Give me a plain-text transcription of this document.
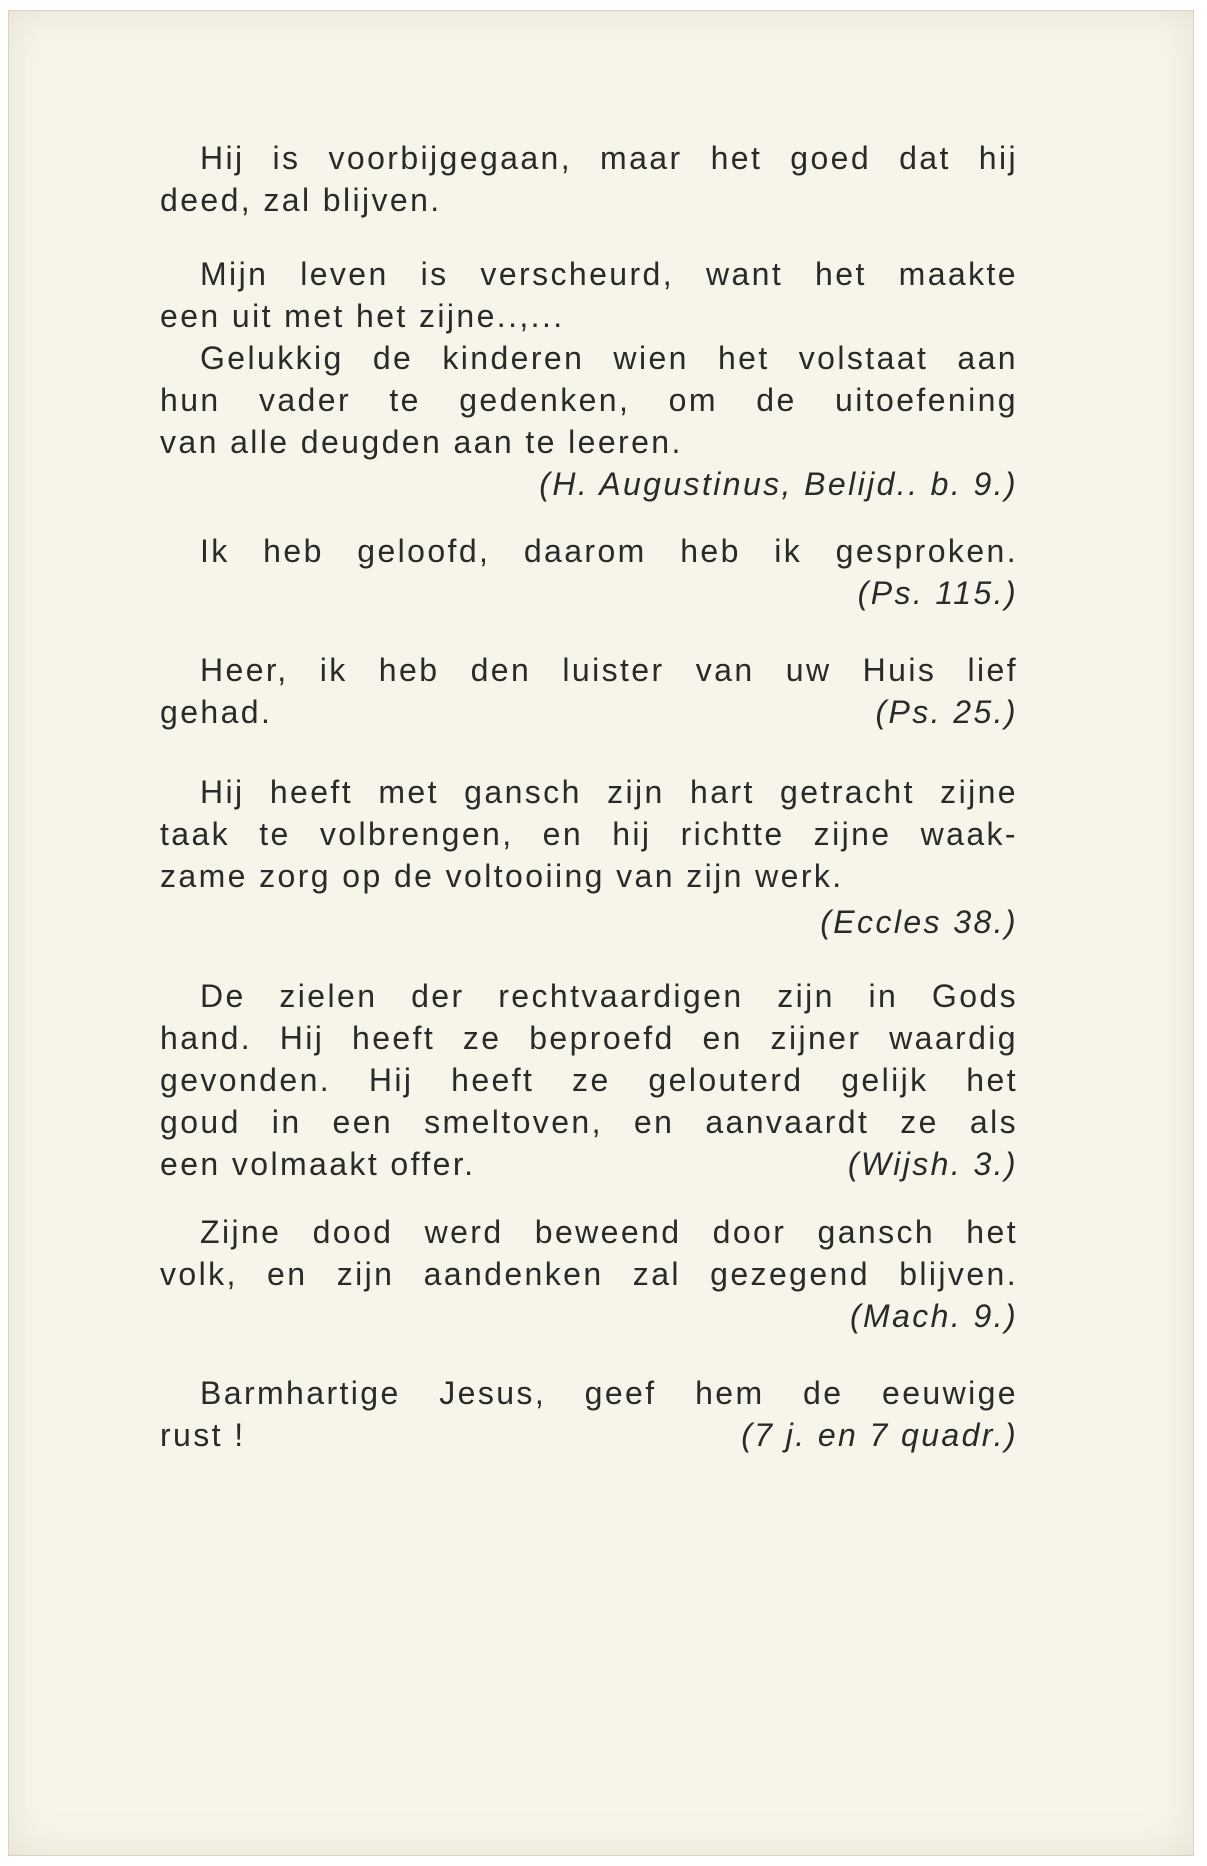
Hij is voorbijgegaan, maar het goed dat hij
deed, zal blijven.
Mijn leven is verscheurd, want het maakte
een uit met het zijne..,...
Gelukkig de kinderen wien het volstaat aan
hun vader te gedenken, om de uitoefening
van alle deugden aan te leeren.
(H. Augustinus, Belijd.. b. 9.)
Ik heb geloofd, daarom heb ik gesproken.
(Ps. 115.)
Heer, ik heb den luister van uw Huis lief
gehad.	(Ps. 25.)
Hij heeft met gansch zijn hart getracht zijne
taak te volbrengen, en hij richtte zijne waak-
zame zorg op de voltooiing van zijn werk.
(Eccles 38.)
De zielen der rechtvaardigen zijn in Gods
hand. Hij heeft ze beproefd en zijner waardig
gevonden. Hij heeft ze gelouterd gelijk het
goud in een smeltoven, en aanvaardt ze als
een volmaakt offer.	(Wijsh. 3.)
Zijne dood werd beweend door gansch het
volk, en zijn aandenken zal gezegend blijven.
(Mach. 9.)
Barmhartige Jesus, geef hem de eeuwige
rust !	(7 j. en 7 quadr.)
